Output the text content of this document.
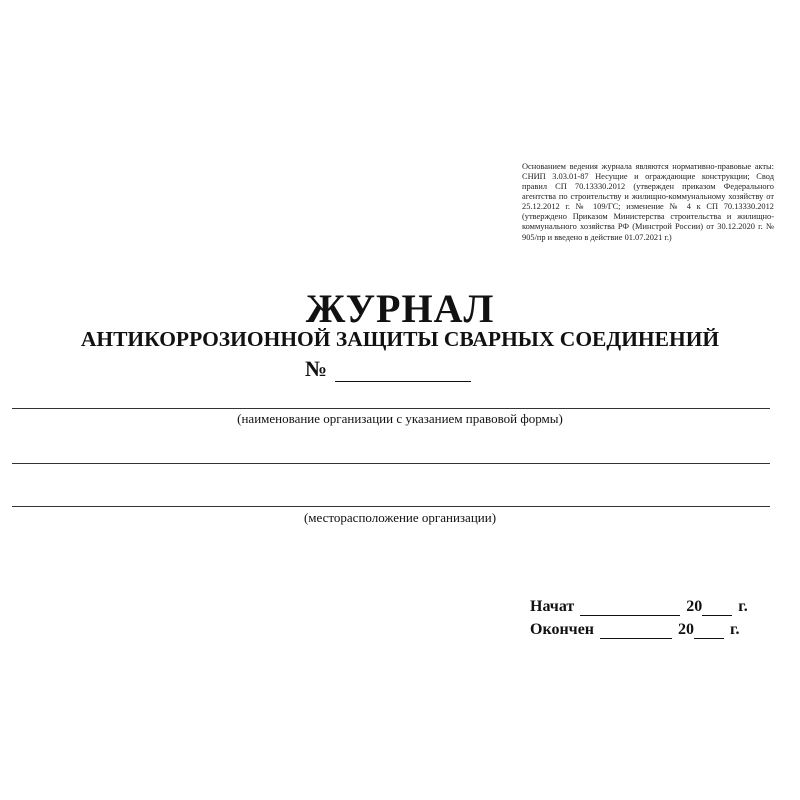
Основанием ведения журнала являются нормативно-правовые акты: СНИП 3.03.01-87 Несущие и ограждающие конструкции; Свод правил СП 70.13330.2012 (утвержден приказом Федерального агентства по строительству и жилищно-коммунальному хозяйству от 25.12.2012 г. № 109/ГС; изменение № 4 к СП 70.13330.2012 (утверждено Приказом Министерства строительства и жилищно-коммунального хозяйства РФ (Минстрой России) от 30.12.2020 г. № 905/пр и введено в действие 01.07.2021 г.)
ЖУРНАЛ
АНТИКОРРОЗИОННОЙ ЗАЩИТЫ СВАРНЫХ СОЕДИНЕНИЙ
№
(наименование организации с указанием правовой формы)
(месторасположение организации)
Начат	20 г.
Окончен	20 г.
